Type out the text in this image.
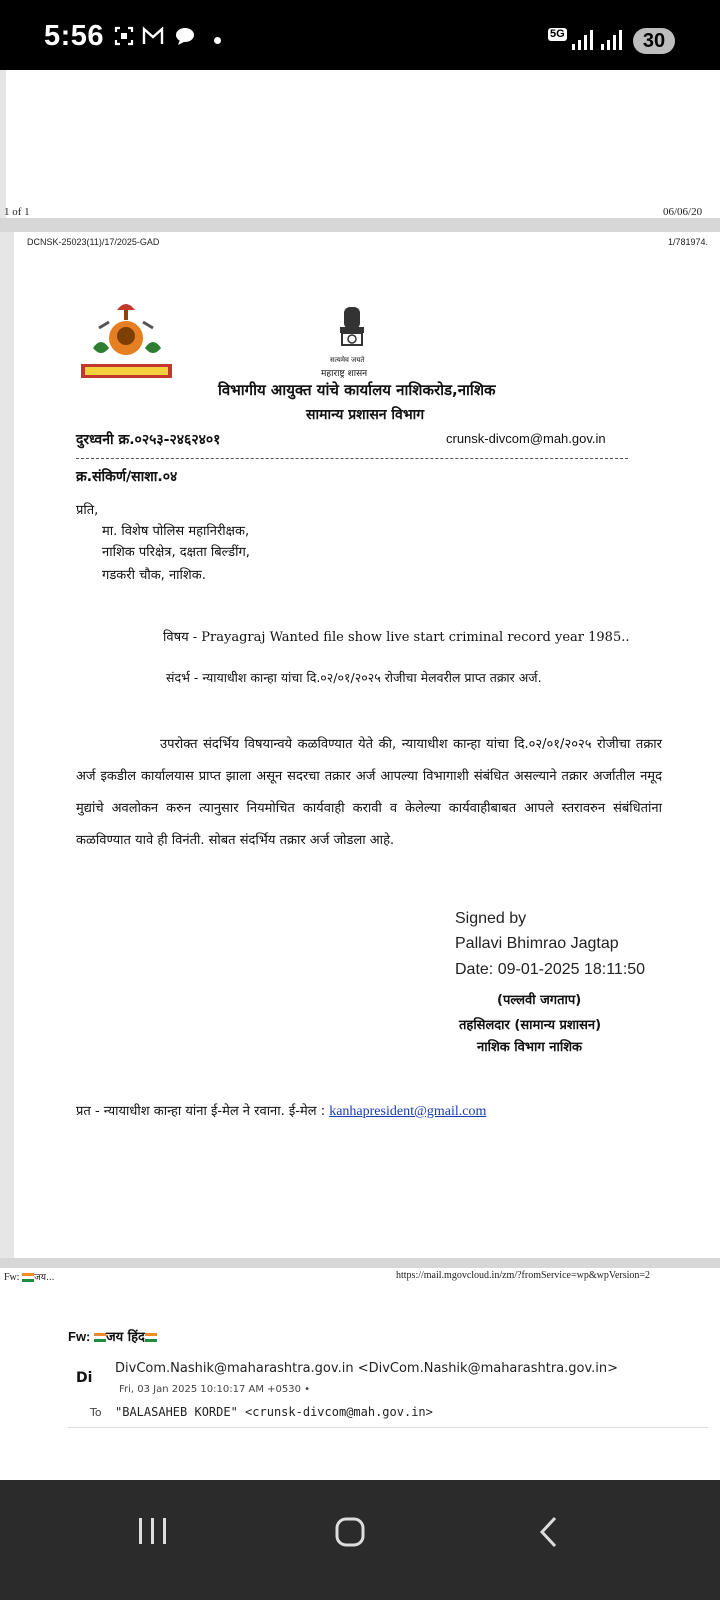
5:56	5G	30
1 of 1	06/06/20
DCNSK-25023(11)/17/2025-GAD	1/781974.
सत्यमेव जयते
महाराष्ट्र शासन
विभागीय आयुक्त यांचे कार्यालय नाशिकरोड,नाशिक
सामान्य प्रशासन विभाग
दुरध्वनी क्र.०२५३-२४६२४०१	crunsk-divcom@mah.gov.in
क्र.संकिर्ण/साशा.०४
प्रति,
मा. विशेष पोलिस महानिरीक्षक,
नाशिक परिक्षेत्र, दक्षता बिल्डींग,
गडकरी चौक, नाशिक.
विषय - Prayagraj Wanted file show live start criminal record year 1985..
संदर्भ - न्यायाधीश कान्हा यांचा दि.०२/०१/२०२५ रोजीचा मेलवरील प्राप्त तक्रार अर्ज.
उपरोक्त संदर्भिय विषयान्वये कळविण्यात येते की, न्यायाधीश कान्हा यांचा दि.०२/०१/२०२५ रोजीचा तक्रार अर्ज इकडील कार्यालयास प्राप्त झाला असून सदरचा तक्रार अर्ज आपल्या विभागाशी संबंधित असल्याने तक्रार अर्जातील नमूद मुद्यांचे अवलोकन करुन त्यानुसार नियमोचित कार्यवाही करावी व केलेल्या कार्यवाहीबाबत आपले स्तरावरुन संबंधितांना कळविण्यात यावे ही विनंती. सोबत संदर्भिय तक्रार अर्ज जोडला आहे.
Signed by
Pallavi Bhimrao Jagtap
Date: 09-01-2025 18:11:50
(पल्लवी जगताप)
तहसिलदार (सामान्य प्रशासन)
नाशिक विभाग नाशिक
प्रत - न्यायाधीश कान्हा यांना ई-मेल ने रवाना. ई-मेल : kanhapresident@gmail.com
Fw: जय...	https://mail.mgovcloud.in/zm/?fromService=wp&wpVersion=2
Fw: जय हिंद
Di
DivCom.Nashik@maharashtra.gov.in <DivCom.Nashik@maharashtra.gov.in>
Fri, 03 Jan 2025 10:10:17 AM +0530 •
To "BALASAHEB KORDE" <crunsk-divcom@mah.gov.in>
